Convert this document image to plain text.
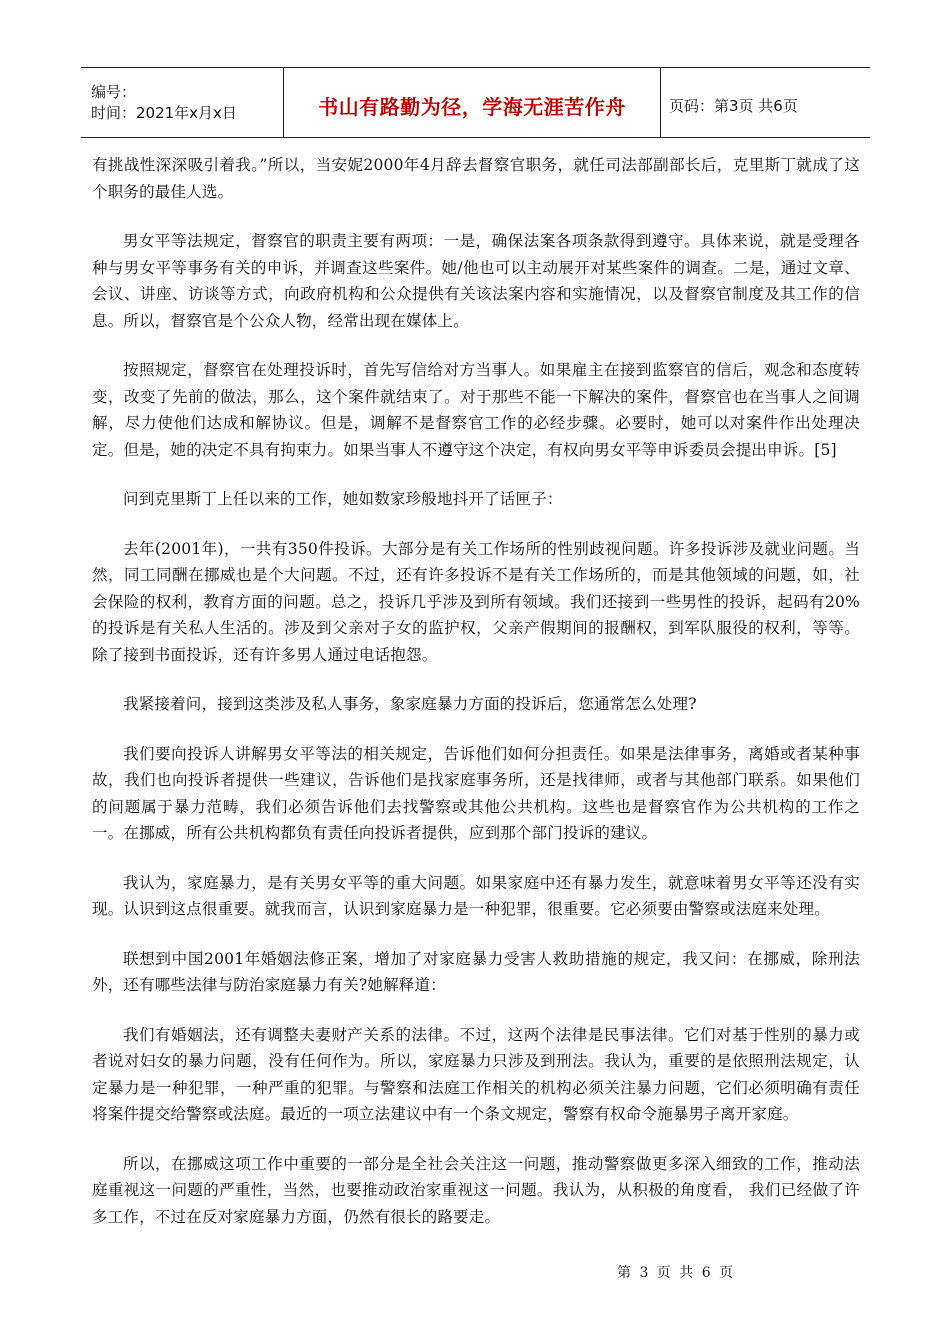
编号：
时间：2021年x月x日	书山有路勤为径，学海无涯苦作舟	页码：第3页 共6页

有挑战性深深吸引着我。”所以，当安妮2000年4月辞去督察官职务，就任司法部副部长后，克里斯丁就成了这个职务的最佳人选。

男女平等法规定，督察官的职责主要有两项：一是，确保法案各项条款得到遵守。具体来说，就是受理各种与男女平等事务有关的申诉，并调查这些案件。她/他也可以主动展开对某些案件的调查。二是，通过文章、会议、讲座、访谈等方式，向政府机构和公众提供有关该法案内容和实施情况，以及督察官制度及其工作的信息。所以，督察官是个公众人物，经常出现在媒体上。

按照规定，督察官在处理投诉时，首先写信给对方当事人。如果雇主在接到监察官的信后，观念和态度转变，改变了先前的做法，那么，这个案件就结束了。对于那些不能一下解决的案件，督察官也在当事人之间调解，尽力使他们达成和解协议。但是，调解不是督察官工作的必经步骤。必要时，她可以对案件作出处理决定。但是，她的决定不具有拘束力。如果当事人不遵守这个决定，有权向男女平等申诉委员会提出申诉。[5]

问到克里斯丁上任以来的工作，她如数家珍般地抖开了话匣子：

去年(2001年)，一共有350件投诉。大部分是有关工作场所的性别歧视问题。许多投诉涉及就业问题。当然，同工同酬在挪威也是个大问题。不过，还有许多投诉不是有关工作场所的，而是其他领域的问题，如，社会保险的权利，教育方面的问题。总之，投诉几乎涉及到所有领域。我们还接到一些男性的投诉，起码有20%的投诉是有关私人生活的。涉及到父亲对子女的监护权，父亲产假期间的报酬权，到军队服役的权利，等等。除了接到书面投诉，还有许多男人通过电话抱怨。

我紧接着问，接到这类涉及私人事务，象家庭暴力方面的投诉后，您通常怎么处理?

我们要向投诉人讲解男女平等法的相关规定，告诉他们如何分担责任。如果是法律事务，离婚或者某种事故，我们也向投诉者提供一些建议，告诉他们是找家庭事务所，还是找律师，或者与其他部门联系。如果他们的问题属于暴力范畴，我们必须告诉他们去找警察或其他公共机构。这些也是督察官作为公共机构的工作之一。在挪威，所有公共机构都负有责任向投诉者提供，应到那个部门投诉的建议。

我认为，家庭暴力，是有关男女平等的重大问题。如果家庭中还有暴力发生，就意味着男女平等还没有实现。认识到这点很重要。就我而言，认识到家庭暴力是一种犯罪，很重要。它必须要由警察或法庭来处理。

联想到中国2001年婚姻法修正案，增加了对家庭暴力受害人救助措施的规定，我又问：在挪威，除刑法外，还有哪些法律与防治家庭暴力有关?她解释道：

我们有婚姻法，还有调整夫妻财产关系的法律。不过，这两个法律是民事法律。它们对基于性别的暴力或者说对妇女的暴力问题，没有任何作为。所以，家庭暴力只涉及到刑法。我认为，重要的是依照刑法规定，认定暴力是一种犯罪，一种严重的犯罪。与警察和法庭工作相关的机构必须关注暴力问题，它们必须明确有责任将案件提交给警察或法庭。最近的一项立法建议中有一个条文规定，警察有权命令施暴男子离开家庭。

所以，在挪威这项工作中重要的一部分是全社会关注这一问题，推动警察做更多深入细致的工作，推动法庭重视这一问题的严重性，当然，也要推动政治家重视这一问题。我认为，从积极的角度看， 我们已经做了许多工作，不过在反对家庭暴力方面，仍然有很长的路要走。

第 3 页 共 6 页
